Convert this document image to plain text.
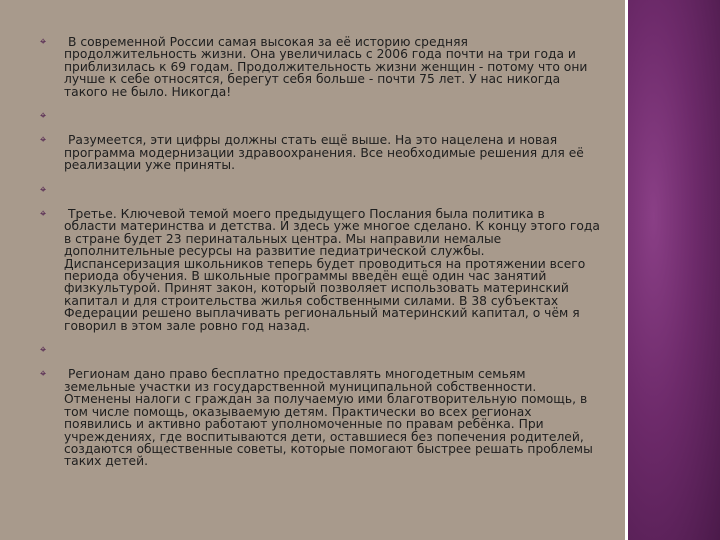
⌖	В современной России самая высокая за её историю средняя продолжительность жизни. Она увеличилась с 2006 года почти на три года и приблизилась к 69 годам. Продолжительность жизни женщин - потому что они лучше к себе относятся, берегут себя больше - почти 75 лет. У нас никогда такого не было. Никогда!
⌖
⌖	Разумеется, эти цифры должны стать ещё выше. На это нацелена и новая программа модернизации здравоохранения. Все необходимые решения для её реализации уже приняты.
⌖
⌖	Третье. Ключевой темой моего предыдущего Послания была политика в области материнства и детства. И здесь уже многое сделано. К концу этого года в стране будет 23 перинатальных центра. Мы направили немалые дополнительные ресурсы на развитие педиатрической службы. Диспансеризация школьников теперь будет проводиться на протяжении всего периода обучения. В школьные программы введён ещё один час занятий физкультурой. Принят закон, который позволяет использовать материнский капитал и для строительства жилья собственными силами. В 38 субъектах Федерации решено выплачивать региональный материнский капитал, о чём я говорил в этом зале ровно год назад.
⌖
⌖	Регионам дано право бесплатно предоставлять многодетным семьям земельные участки из государственной муниципальной собственности. Отменены налоги с граждан за получаемую ими благотворительную помощь, в том числе помощь, оказываемую детям. Практически во всех регионах появились и активно работают уполномоченные по правам ребёнка. При учреждениях, где воспитываются дети, оставшиеся без попечения родителей, создаются общественные советы, которые помогают быстрее решать проблемы таких детей.
